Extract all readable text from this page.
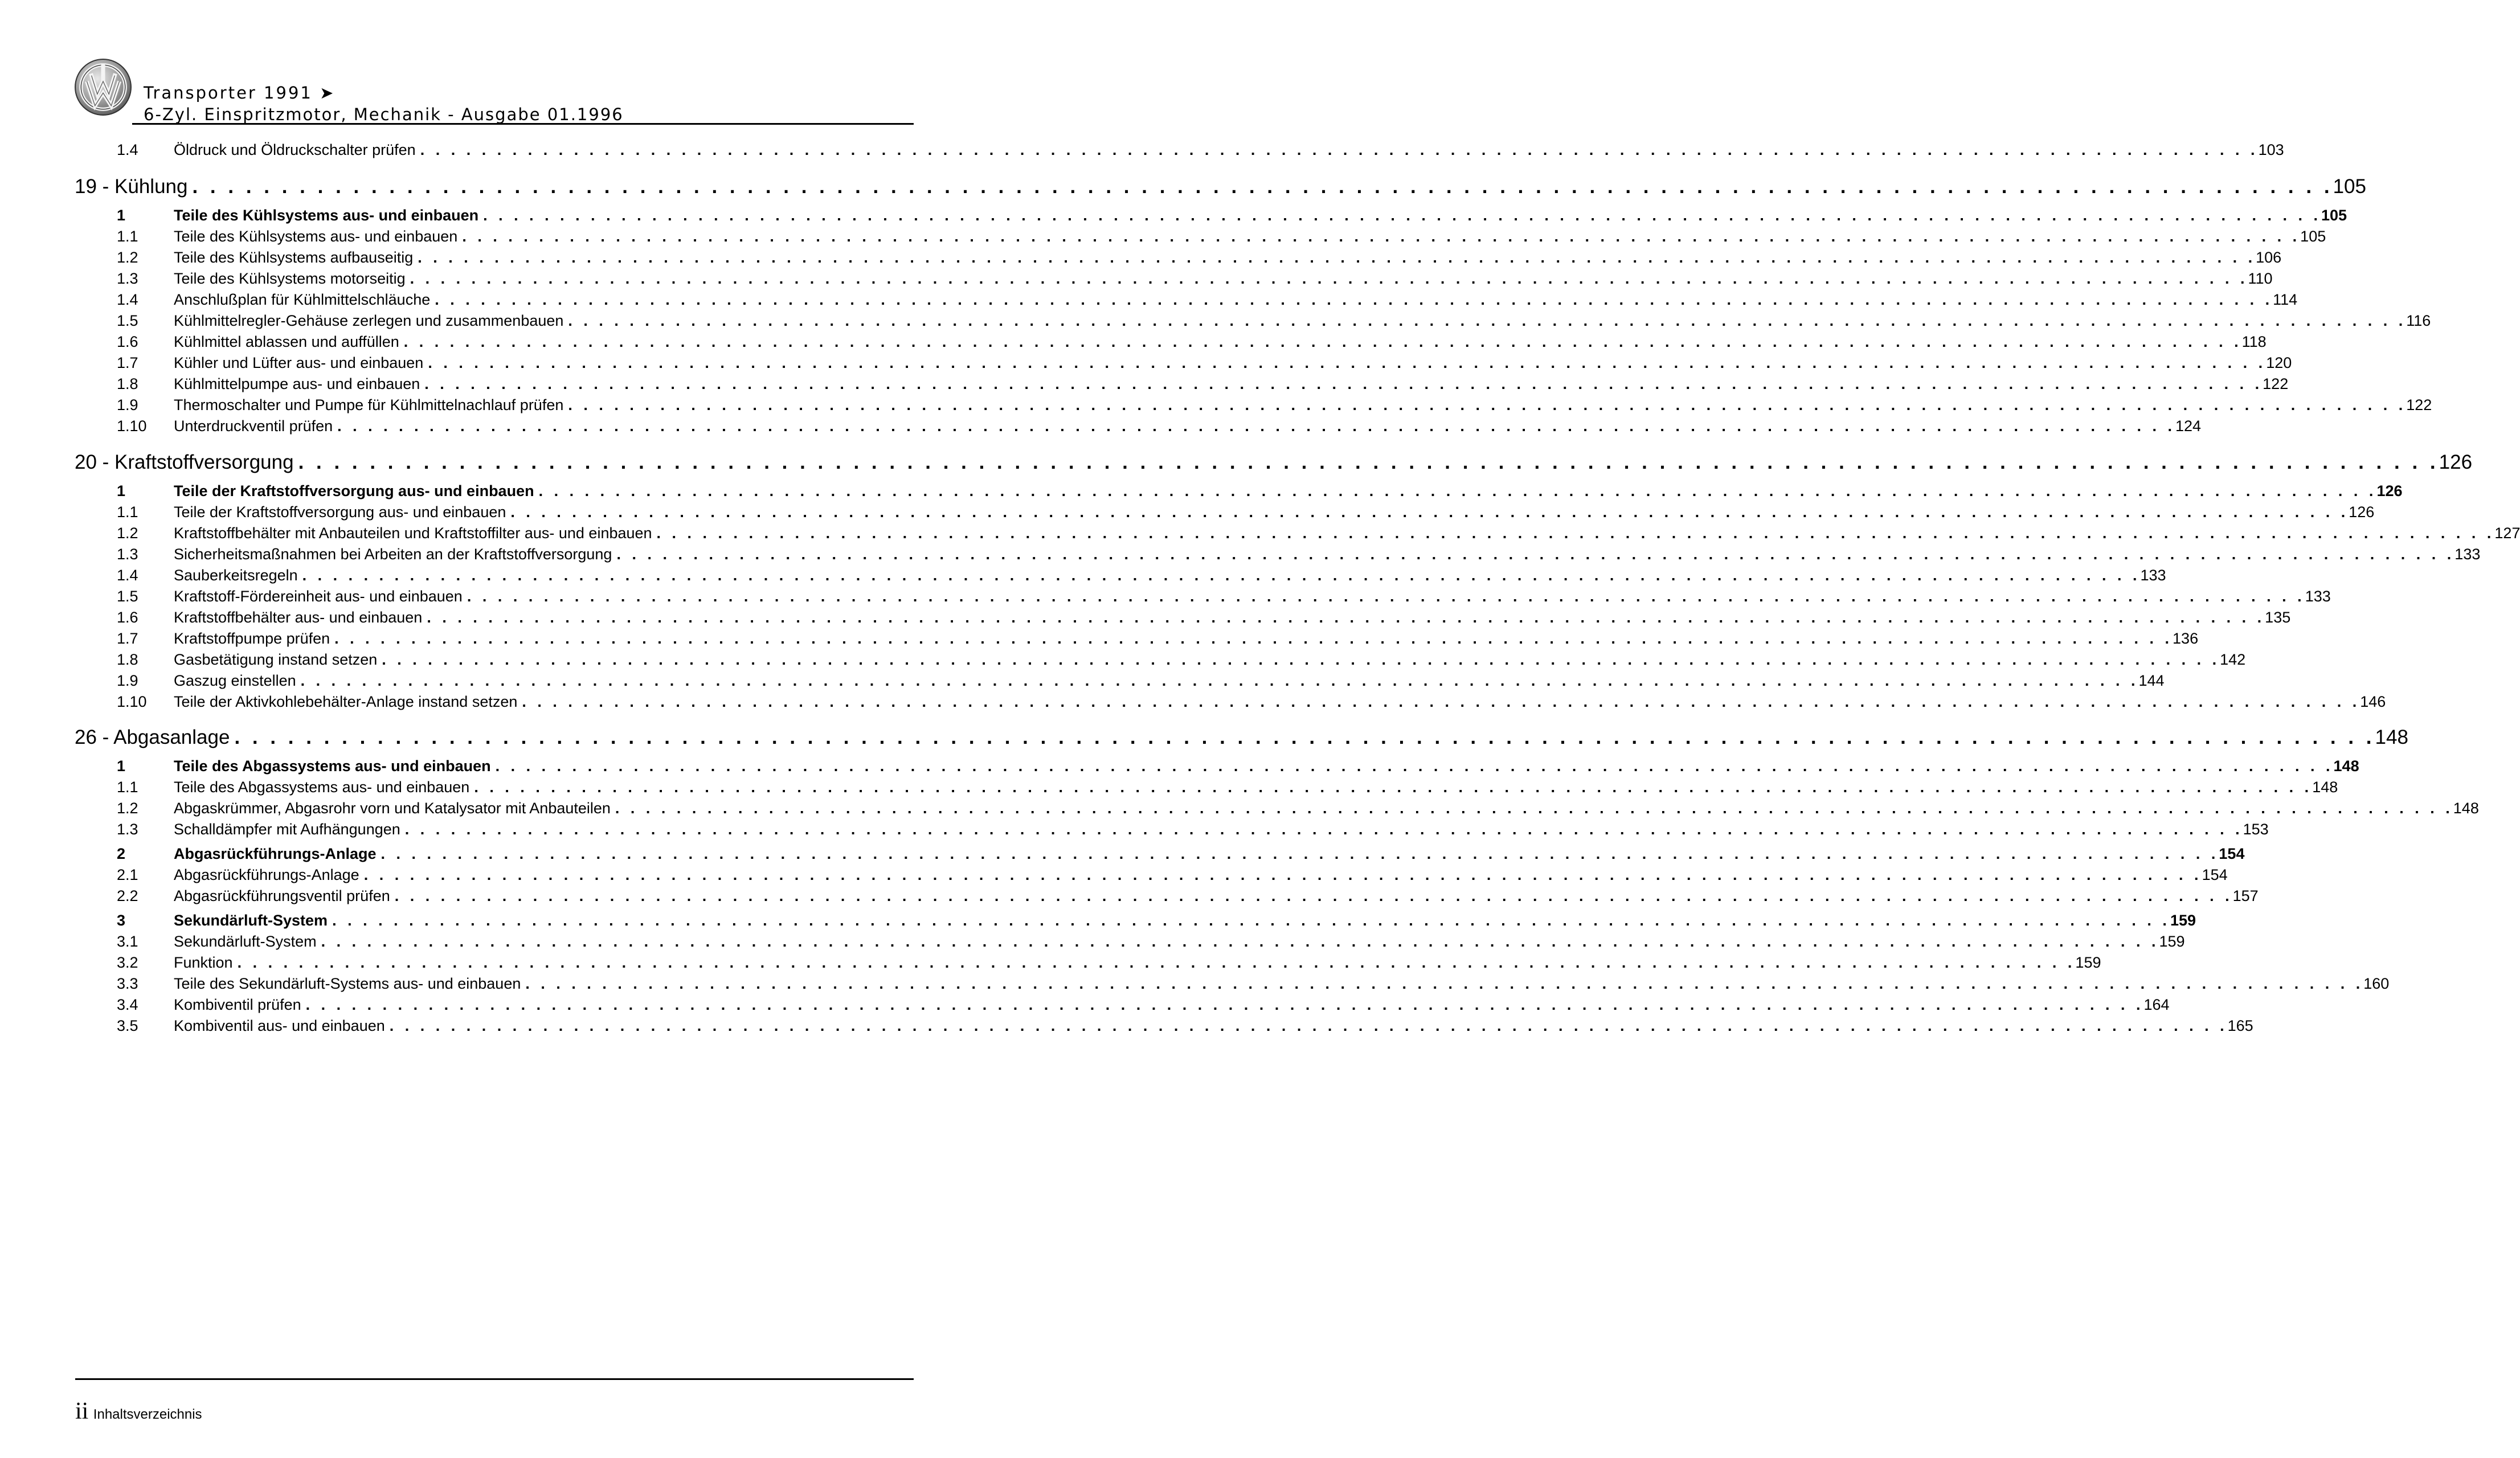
Transporter 1991 ➤
6-Zyl. Einspritzmotor, Mechanik - Ausgabe 01.1996
1.4	Öldruck und Öldruckschalter prüfen . . . . . . . . . . . . . . . . . . . . . . . . . . . . . . . . . . . . . . . . . . . . . . . . . . . . . . . . . . . . . . . . . . . . . . . . . . . . . . . . . . . . . . . . . . . . . . . . . . . . . . . . . . . . . . . . . . . . . . . . 103
19 - Kühlung . . . . . . . . . . . . . . . . . . . . . . . . . . . . . . . . . . . . . . . . . . . . . . . . . . . . . . . . . . . . . . . . . . . . . . . . . . . . . . . . . . . . . . . . . . . . . . . . . . . . . . . . . . . . . . . . . . . . . . . . 105
1	Teile des Kühlsystems aus- und einbauen . . . . . . . . . . . . . . . . . . . . . . . . . . . . . . . . . . . . . . . . . . . . . . . . . . . . . . . . . . . . . . . . . . . . . . . . . . . . . . . . . . . . . . . . . . . . . . . . . . . . . . . . . . . . . . . . . . . . . . . . 105
1.1	Teile des Kühlsystems aus- und einbauen . . . . . . . . . . . . . . . . . . . . . . . . . . . . . . . . . . . . . . . . . . . . . . . . . . . . . . . . . . . . . . . . . . . . . . . . . . . . . . . . . . . . . . . . . . . . . . . . . . . . . . . . . . . . . . . . . . . . . . . . 105
1.2	Teile des Kühlsystems aufbauseitig . . . . . . . . . . . . . . . . . . . . . . . . . . . . . . . . . . . . . . . . . . . . . . . . . . . . . . . . . . . . . . . . . . . . . . . . . . . . . . . . . . . . . . . . . . . . . . . . . . . . . . . . . . . . . . . . . . . . . . . . 106
1.3	Teile des Kühlsystems motorseitig . . . . . . . . . . . . . . . . . . . . . . . . . . . . . . . . . . . . . . . . . . . . . . . . . . . . . . . . . . . . . . . . . . . . . . . . . . . . . . . . . . . . . . . . . . . . . . . . . . . . . . . . . . . . . . . . . . . . . . . . 110
1.4	Anschlußplan für Kühlmittelschläuche . . . . . . . . . . . . . . . . . . . . . . . . . . . . . . . . . . . . . . . . . . . . . . . . . . . . . . . . . . . . . . . . . . . . . . . . . . . . . . . . . . . . . . . . . . . . . . . . . . . . . . . . . . . . . . . . . . . . . . . . 114
1.5	Kühlmittelregler-Gehäuse zerlegen und zusammenbauen . . . . . . . . . . . . . . . . . . . . . . . . . . . . . . . . . . . . . . . . . . . . . . . . . . . . . . . . . . . . . . . . . . . . . . . . . . . . . . . . . . . . . . . . . . . . . . . . . . . . . . . . . . . . . . . . . . . . . . . . 116
1.6	Kühlmittel ablassen und auffüllen . . . . . . . . . . . . . . . . . . . . . . . . . . . . . . . . . . . . . . . . . . . . . . . . . . . . . . . . . . . . . . . . . . . . . . . . . . . . . . . . . . . . . . . . . . . . . . . . . . . . . . . . . . . . . . . . . . . . . . . . 118
1.7	Kühler und Lüfter aus- und einbauen . . . . . . . . . . . . . . . . . . . . . . . . . . . . . . . . . . . . . . . . . . . . . . . . . . . . . . . . . . . . . . . . . . . . . . . . . . . . . . . . . . . . . . . . . . . . . . . . . . . . . . . . . . . . . . . . . . . . . . . . 120
1.8	Kühlmittelpumpe aus- und einbauen . . . . . . . . . . . . . . . . . . . . . . . . . . . . . . . . . . . . . . . . . . . . . . . . . . . . . . . . . . . . . . . . . . . . . . . . . . . . . . . . . . . . . . . . . . . . . . . . . . . . . . . . . . . . . . . . . . . . . . . . 122
1.9	Thermoschalter und Pumpe für Kühlmittelnachlauf prüfen . . . . . . . . . . . . . . . . . . . . . . . . . . . . . . . . . . . . . . . . . . . . . . . . . . . . . . . . . . . . . . . . . . . . . . . . . . . . . . . . . . . . . . . . . . . . . . . . . . . . . . . . . . . . . . . . . . . . . . . . 122
1.10	Unterdruckventil prüfen . . . . . . . . . . . . . . . . . . . . . . . . . . . . . . . . . . . . . . . . . . . . . . . . . . . . . . . . . . . . . . . . . . . . . . . . . . . . . . . . . . . . . . . . . . . . . . . . . . . . . . . . . . . . . . . . . . . . . . . . 124
20 - Kraftstoffversorgung . . . . . . . . . . . . . . . . . . . . . . . . . . . . . . . . . . . . . . . . . . . . . . . . . . . . . . . . . . . . . . . . . . . . . . . . . . . . . . . . . . . . . . . . . . . . . . . . . . . . . . . . . . . . . . . . . . . . . . . . 126
1	Teile der Kraftstoffversorgung aus- und einbauen . . . . . . . . . . . . . . . . . . . . . . . . . . . . . . . . . . . . . . . . . . . . . . . . . . . . . . . . . . . . . . . . . . . . . . . . . . . . . . . . . . . . . . . . . . . . . . . . . . . . . . . . . . . . . . . . . . . . . . . . 126
1.1	Teile der Kraftstoffversorgung aus- und einbauen . . . . . . . . . . . . . . . . . . . . . . . . . . . . . . . . . . . . . . . . . . . . . . . . . . . . . . . . . . . . . . . . . . . . . . . . . . . . . . . . . . . . . . . . . . . . . . . . . . . . . . . . . . . . . . . . . . . . . . . . 126
1.2	Kraftstoffbehälter mit Anbauteilen und Kraftstoffilter aus- und einbauen . . . . . . . . . . . . . . . . . . . . . . . . . . . . . . . . . . . . . . . . . . . . . . . . . . . . . . . . . . . . . . . . . . . . . . . . . . . . . . . . . . . . . . . . . . . . . . . . . . . . . . . . . . . . . . . . . . . . . . . . 127
1.3	Sicherheitsmaßnahmen bei Arbeiten an der Kraftstoffversorgung . . . . . . . . . . . . . . . . . . . . . . . . . . . . . . . . . . . . . . . . . . . . . . . . . . . . . . . . . . . . . . . . . . . . . . . . . . . . . . . . . . . . . . . . . . . . . . . . . . . . . . . . . . . . . . . . . . . . . . . . 133
1.4	Sauberkeitsregeln . . . . . . . . . . . . . . . . . . . . . . . . . . . . . . . . . . . . . . . . . . . . . . . . . . . . . . . . . . . . . . . . . . . . . . . . . . . . . . . . . . . . . . . . . . . . . . . . . . . . . . . . . . . . . . . . . . . . . . . . 133
1.5	Kraftstoff-Fördereinheit aus- und einbauen . . . . . . . . . . . . . . . . . . . . . . . . . . . . . . . . . . . . . . . . . . . . . . . . . . . . . . . . . . . . . . . . . . . . . . . . . . . . . . . . . . . . . . . . . . . . . . . . . . . . . . . . . . . . . . . . . . . . . . . . 133
1.6	Kraftstoffbehälter aus- und einbauen . . . . . . . . . . . . . . . . . . . . . . . . . . . . . . . . . . . . . . . . . . . . . . . . . . . . . . . . . . . . . . . . . . . . . . . . . . . . . . . . . . . . . . . . . . . . . . . . . . . . . . . . . . . . . . . . . . . . . . . . 135
1.7	Kraftstoffpumpe prüfen . . . . . . . . . . . . . . . . . . . . . . . . . . . . . . . . . . . . . . . . . . . . . . . . . . . . . . . . . . . . . . . . . . . . . . . . . . . . . . . . . . . . . . . . . . . . . . . . . . . . . . . . . . . . . . . . . . . . . . . . 136
1.8	Gasbetätigung instand setzen . . . . . . . . . . . . . . . . . . . . . . . . . . . . . . . . . . . . . . . . . . . . . . . . . . . . . . . . . . . . . . . . . . . . . . . . . . . . . . . . . . . . . . . . . . . . . . . . . . . . . . . . . . . . . . . . . . . . . . . . 142
1.9	Gaszug einstellen . . . . . . . . . . . . . . . . . . . . . . . . . . . . . . . . . . . . . . . . . . . . . . . . . . . . . . . . . . . . . . . . . . . . . . . . . . . . . . . . . . . . . . . . . . . . . . . . . . . . . . . . . . . . . . . . . . . . . . . . 144
1.10	Teile der Aktivkohlebehälter-Anlage instand setzen . . . . . . . . . . . . . . . . . . . . . . . . . . . . . . . . . . . . . . . . . . . . . . . . . . . . . . . . . . . . . . . . . . . . . . . . . . . . . . . . . . . . . . . . . . . . . . . . . . . . . . . . . . . . . . . . . . . . . . . . 146
26 - Abgasanlage . . . . . . . . . . . . . . . . . . . . . . . . . . . . . . . . . . . . . . . . . . . . . . . . . . . . . . . . . . . . . . . . . . . . . . . . . . . . . . . . . . . . . . . . . . . . . . . . . . . . . . . . . . . . . . . . . . . . . . . . 148
1	Teile des Abgassystems aus- und einbauen . . . . . . . . . . . . . . . . . . . . . . . . . . . . . . . . . . . . . . . . . . . . . . . . . . . . . . . . . . . . . . . . . . . . . . . . . . . . . . . . . . . . . . . . . . . . . . . . . . . . . . . . . . . . . . . . . . . . . . . . 148
1.1	Teile des Abgassystems aus- und einbauen . . . . . . . . . . . . . . . . . . . . . . . . . . . . . . . . . . . . . . . . . . . . . . . . . . . . . . . . . . . . . . . . . . . . . . . . . . . . . . . . . . . . . . . . . . . . . . . . . . . . . . . . . . . . . . . . . . . . . . . . 148
1.2	Abgaskrümmer, Abgasrohr vorn und Katalysator mit Anbauteilen . . . . . . . . . . . . . . . . . . . . . . . . . . . . . . . . . . . . . . . . . . . . . . . . . . . . . . . . . . . . . . . . . . . . . . . . . . . . . . . . . . . . . . . . . . . . . . . . . . . . . . . . . . . . . . . . . . . . . . . . 148
1.3	Schalldämpfer mit Aufhängungen . . . . . . . . . . . . . . . . . . . . . . . . . . . . . . . . . . . . . . . . . . . . . . . . . . . . . . . . . . . . . . . . . . . . . . . . . . . . . . . . . . . . . . . . . . . . . . . . . . . . . . . . . . . . . . . . . . . . . . . . 153
2	Abgasrückführungs-Anlage . . . . . . . . . . . . . . . . . . . . . . . . . . . . . . . . . . . . . . . . . . . . . . . . . . . . . . . . . . . . . . . . . . . . . . . . . . . . . . . . . . . . . . . . . . . . . . . . . . . . . . . . . . . . . . . . . . . . . . . . 154
2.1	Abgasrückführungs-Anlage . . . . . . . . . . . . . . . . . . . . . . . . . . . . . . . . . . . . . . . . . . . . . . . . . . . . . . . . . . . . . . . . . . . . . . . . . . . . . . . . . . . . . . . . . . . . . . . . . . . . . . . . . . . . . . . . . . . . . . . . 154
2.2	Abgasrückführungsventil prüfen . . . . . . . . . . . . . . . . . . . . . . . . . . . . . . . . . . . . . . . . . . . . . . . . . . . . . . . . . . . . . . . . . . . . . . . . . . . . . . . . . . . . . . . . . . . . . . . . . . . . . . . . . . . . . . . . . . . . . . . . 157
3	Sekundärluft-System . . . . . . . . . . . . . . . . . . . . . . . . . . . . . . . . . . . . . . . . . . . . . . . . . . . . . . . . . . . . . . . . . . . . . . . . . . . . . . . . . . . . . . . . . . . . . . . . . . . . . . . . . . . . . . . . . . . . . . . . 159
3.1	Sekundärluft-System . . . . . . . . . . . . . . . . . . . . . . . . . . . . . . . . . . . . . . . . . . . . . . . . . . . . . . . . . . . . . . . . . . . . . . . . . . . . . . . . . . . . . . . . . . . . . . . . . . . . . . . . . . . . . . . . . . . . . . . . 159
3.2	Funktion . . . . . . . . . . . . . . . . . . . . . . . . . . . . . . . . . . . . . . . . . . . . . . . . . . . . . . . . . . . . . . . . . . . . . . . . . . . . . . . . . . . . . . . . . . . . . . . . . . . . . . . . . . . . . . . . . . . . . . . . 159
3.3	Teile des Sekundärluft-Systems aus- und einbauen . . . . . . . . . . . . . . . . . . . . . . . . . . . . . . . . . . . . . . . . . . . . . . . . . . . . . . . . . . . . . . . . . . . . . . . . . . . . . . . . . . . . . . . . . . . . . . . . . . . . . . . . . . . . . . . . . . . . . . . . 160
3.4	Kombiventil prüfen . . . . . . . . . . . . . . . . . . . . . . . . . . . . . . . . . . . . . . . . . . . . . . . . . . . . . . . . . . . . . . . . . . . . . . . . . . . . . . . . . . . . . . . . . . . . . . . . . . . . . . . . . . . . . . . . . . . . . . . . 164
3.5	Kombiventil aus- und einbauen . . . . . . . . . . . . . . . . . . . . . . . . . . . . . . . . . . . . . . . . . . . . . . . . . . . . . . . . . . . . . . . . . . . . . . . . . . . . . . . . . . . . . . . . . . . . . . . . . . . . . . . . . . . . . . . . . . . . . . . . 165
ii Inhaltsverzeichnis
